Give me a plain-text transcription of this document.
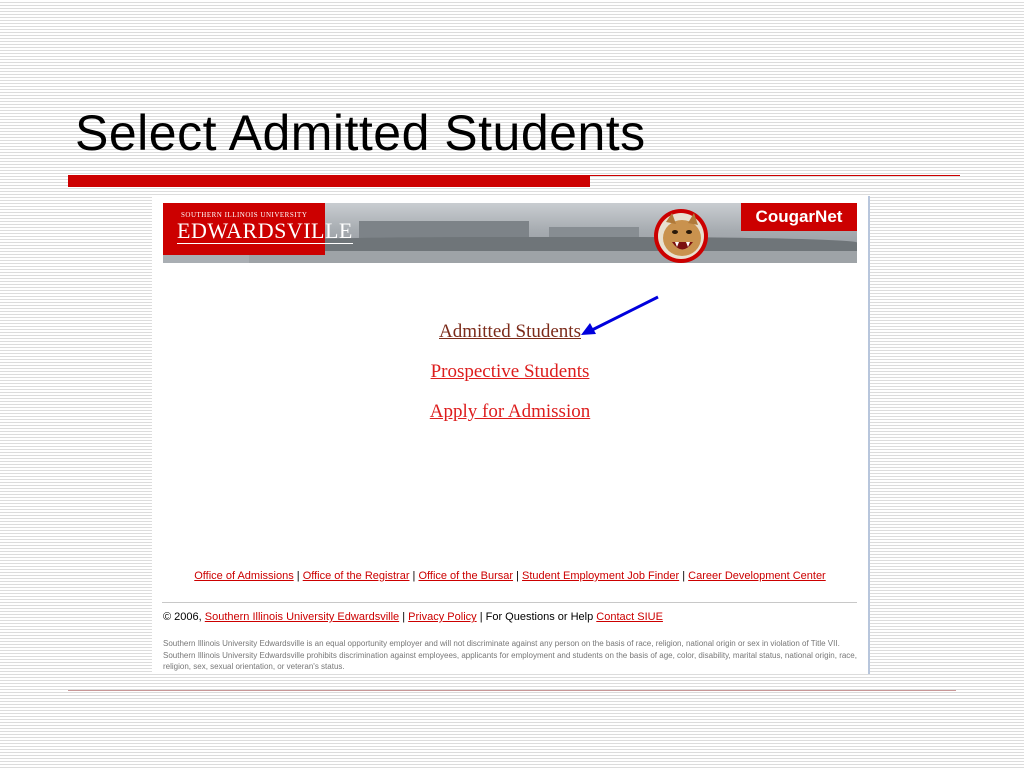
Select Admitted Students
SOUTHERN ILLINOIS UNIVERSITY
EDWARDSVILLE
CougarNet
Admitted Students
Prospective Students
Apply for Admission
Office of Admissions | Office of the Registrar | Office of the Bursar | Student Employment Job Finder | Career Development Center
© 2006, Southern Illinois University Edwardsville | Privacy Policy | For Questions or Help Contact SIUE
Southern Illinois University Edwardsville is an equal opportunity employer and will not discriminate against any person on the basis of race, religion, national origin or sex in violation of Title VII. Southern Illinois University Edwardsville prohibits discrimination against employees, applicants for employment and students on the basis of age, color, disability, marital status, national origin, race, religion, sex, sexual orientation, or veteran's status.
